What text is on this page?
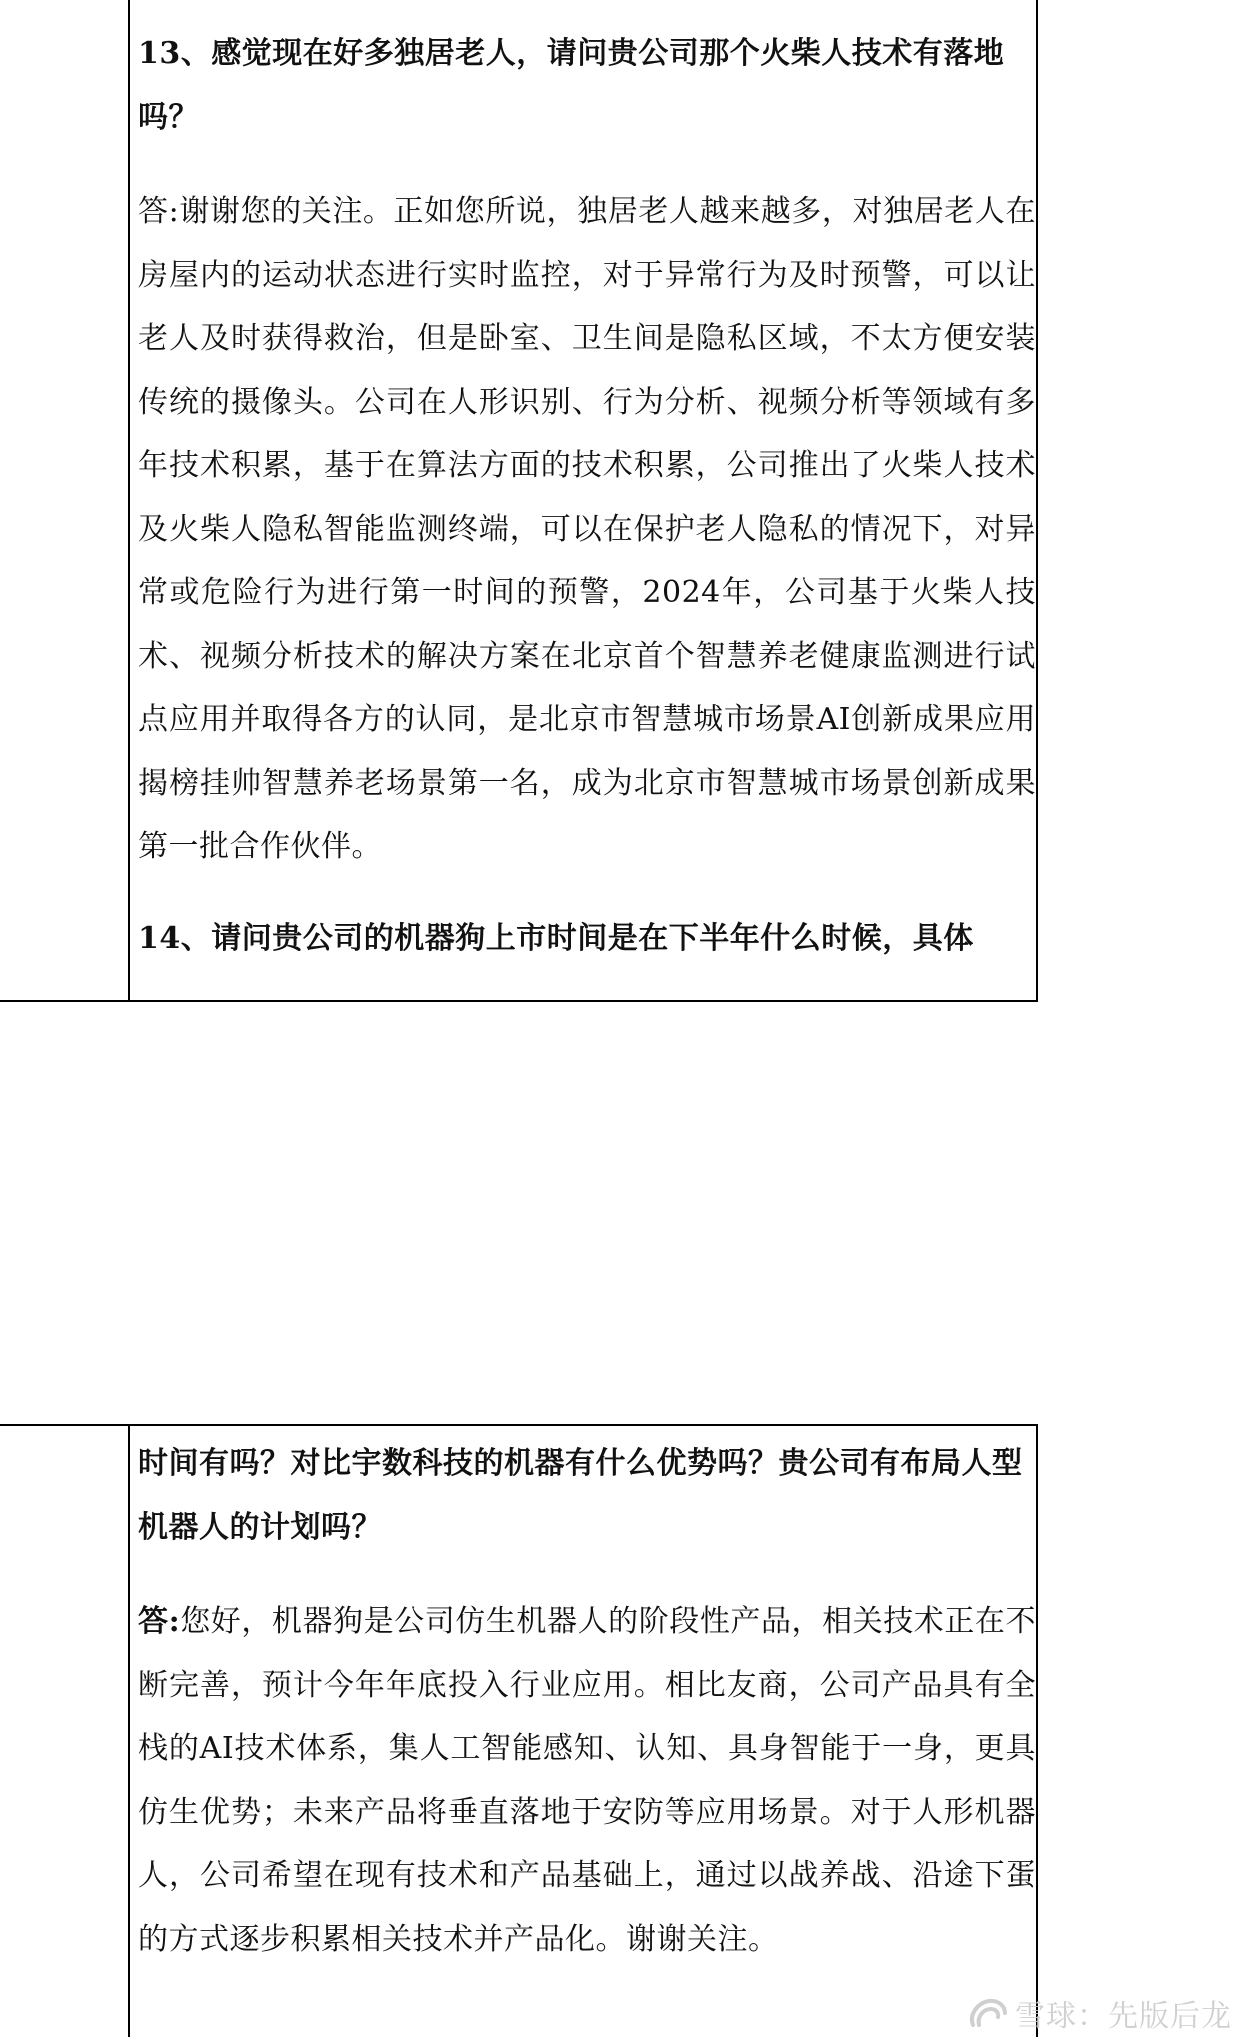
13、感觉现在好多独居老人，请问贵公司那个火柴人技术有落地吗？

答:谢谢您的关注。正如您所说，独居老人越来越多，对独居老人在房屋内的运动状态进行实时监控，对于异常行为及时预警，可以让老人及时获得救治，但是卧室、卫生间是隐私区域，不太方便安装传统的摄像头。公司在人形识别、行为分析、视频分析等领域有多年技术积累，基于在算法方面的技术积累，公司推出了火柴人技术及火柴人隐私智能监测终端，可以在保护老人隐私的情况下，对异常或危险行为进行第一时间的预警，2024年，公司基于火柴人技术、视频分析技术的解决方案在北京首个智慧养老健康监测进行试点应用并取得各方的认同，是北京市智慧城市场景AI创新成果应用揭榜挂帅智慧养老场景第一名，成为北京市智慧城市场景创新成果第一批合作伙伴。

14、请问贵公司的机器狗上市时间是在下半年什么时候，具体

时间有吗？对比宇数科技的机器有什么优势吗？贵公司有布局人型机器人的计划吗？

答:您好，机器狗是公司仿生机器人的阶段性产品，相关技术正在不断完善，预计今年年底投入行业应用。相比友商，公司产品具有全栈的AI技术体系，集人工智能感知、认知、具身智能于一身，更具仿生优势；未来产品将垂直落地于安防等应用场景。对于人形机器人，公司希望在现有技术和产品基础上，通过以战养战、沿途下蛋的方式逐步积累相关技术并产品化。谢谢关注。

雪球：先版后龙
